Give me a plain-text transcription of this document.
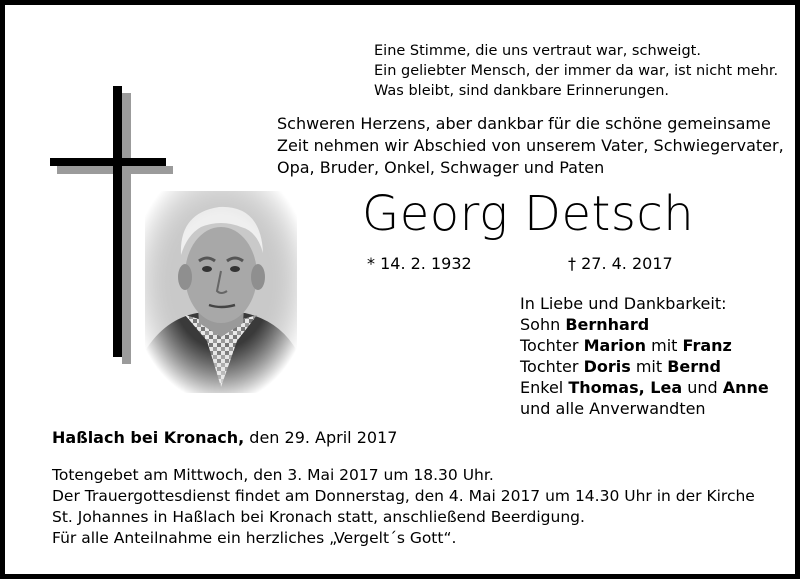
Eine Stimme, die uns vertraut war, schweigt.
Ein geliebter Mensch, der immer da war, ist nicht mehr.
Was bleibt, sind dankbare Erinnerungen.
Schweren Herzens, aber dankbar für die schöne gemeinsame
Zeit nehmen wir Abschied von unserem Vater, Schwiegervater,
Opa, Bruder, Onkel, Schwager und Paten
Georg Detsch
* 14. 2. 1932	† 27. 4. 2017
In Liebe und Dankbarkeit:
Sohn Bernhard
Tochter Marion mit Franz
Tochter Doris mit Bernd
Enkel Thomas, Lea und Anne
und alle Anverwandten
Haßlach bei Kronach, den 29. April 2017
Totengebet am Mittwoch, den 3. Mai 2017 um 18.30 Uhr.
Der Trauergottesdienst findet am Donnerstag, den 4. Mai 2017 um 14.30 Uhr in der Kirche
St. Johannes in Haßlach bei Kronach statt, anschließend Beerdigung.
Für alle Anteilnahme ein herzliches „Vergelt´s Gott“.
